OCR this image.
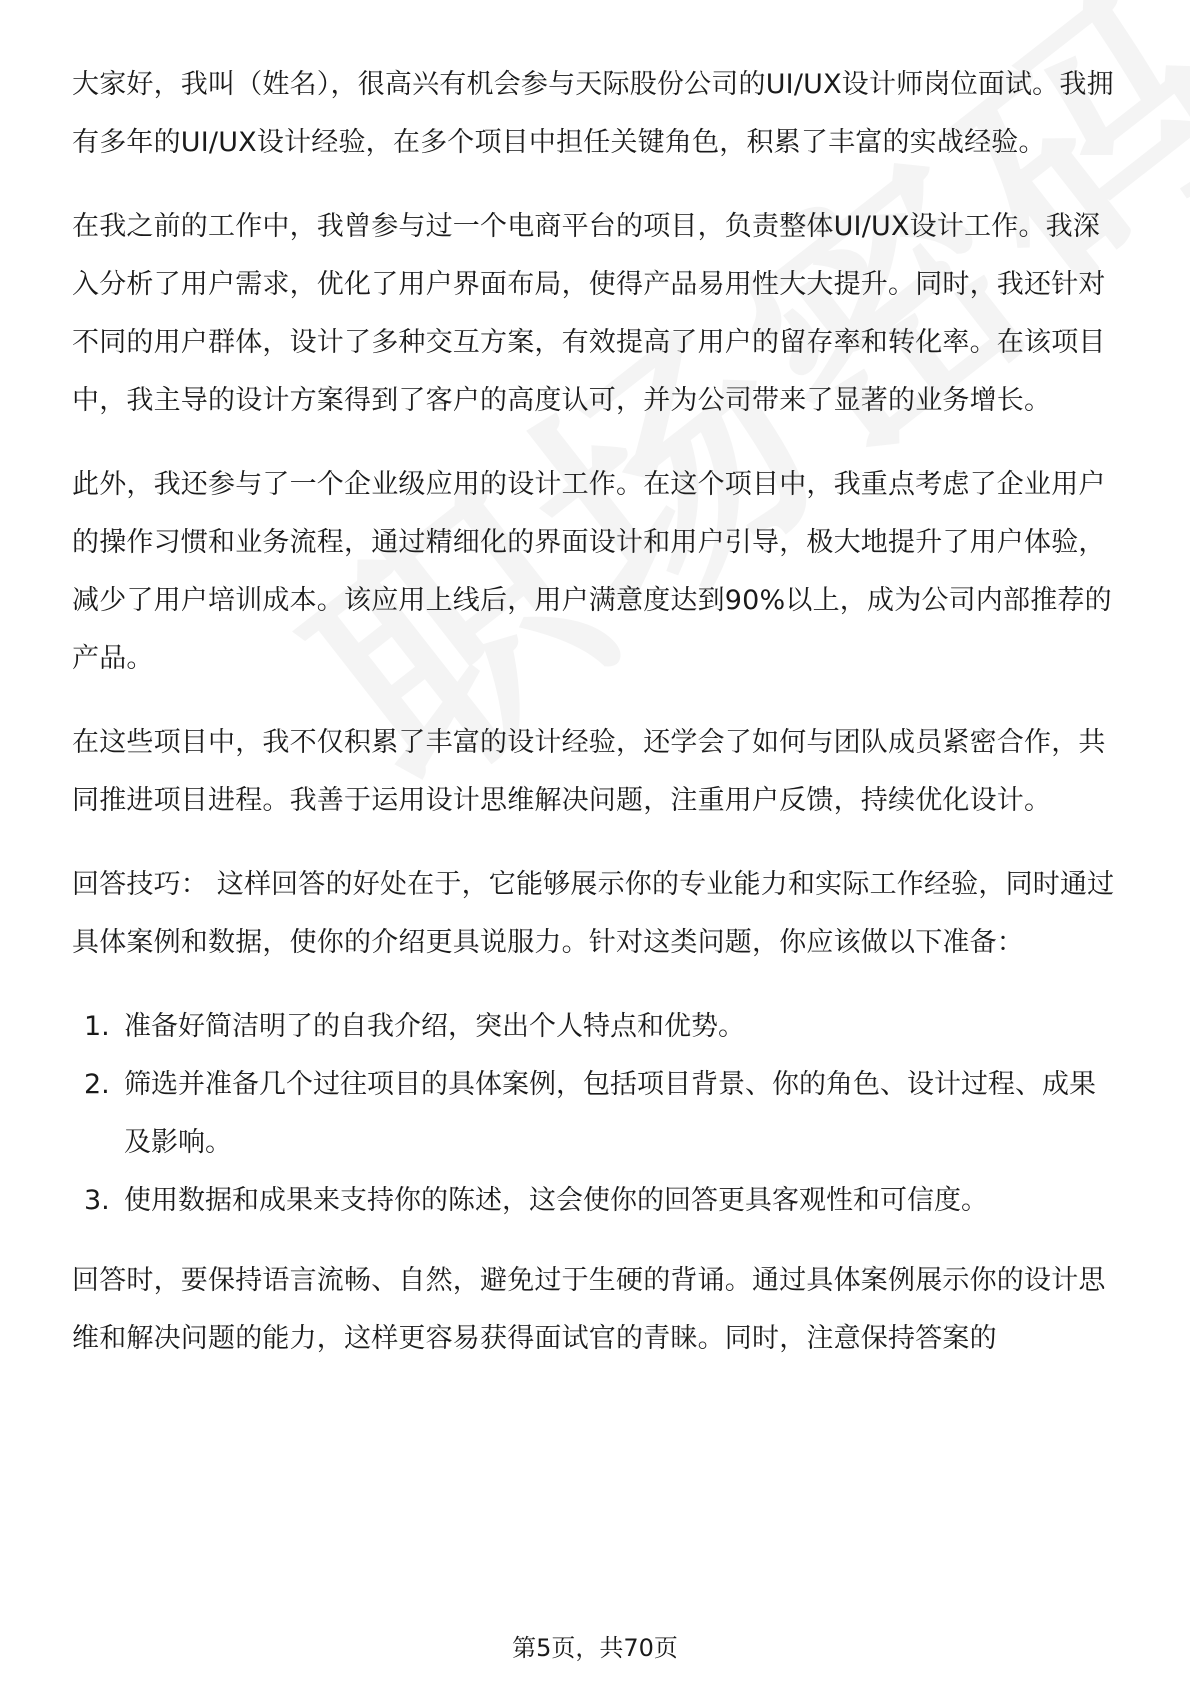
大家好，我叫（姓名），很高兴有机会参与天际股份公司的UI/UX设计师岗位面试。我拥有多年的UI/UX设计经验，在多个项目中担任关键角色，积累了丰富的实战经验。

在我之前的工作中，我曾参与过一个电商平台的项目，负责整体UI/UX设计工作。我深入分析了用户需求，优化了用户界面布局，使得产品易用性大大提升。同时，我还针对不同的用户群体，设计了多种交互方案，有效提高了用户的留存率和转化率。在该项目中，我主导的设计方案得到了客户的高度认可，并为公司带来了显著的业务增长。

此外，我还参与了一个企业级应用的设计工作。在这个项目中，我重点考虑了企业用户的操作习惯和业务流程，通过精细化的界面设计和用户引导，极大地提升了用户体验，减少了用户培训成本。该应用上线后，用户满意度达到90%以上，成为公司内部推荐的产品。

在这些项目中，我不仅积累了丰富的设计经验，还学会了如何与团队成员紧密合作，共同推进项目进程。我善于运用设计思维解决问题，注重用户反馈，持续优化设计。

回答技巧： 这样回答的好处在于，它能够展示你的专业能力和实际工作经验，同时通过具体案例和数据，使你的介绍更具说服力。针对这类问题，你应该做以下准备：

1. 准备好简洁明了的自我介绍，突出个人特点和优势。
2. 筛选并准备几个过往项目的具体案例，包括项目背景、你的角色、设计过程、成果及影响。
3. 使用数据和成果来支持你的陈述，这会使你的回答更具客观性和可信度。

回答时，要保持语言流畅、自然，避免过于生硬的背诵。通过具体案例展示你的设计思维和解决问题的能力，这样更容易获得面试官的青睐。同时，注意保持答案的

第5页，共70页
